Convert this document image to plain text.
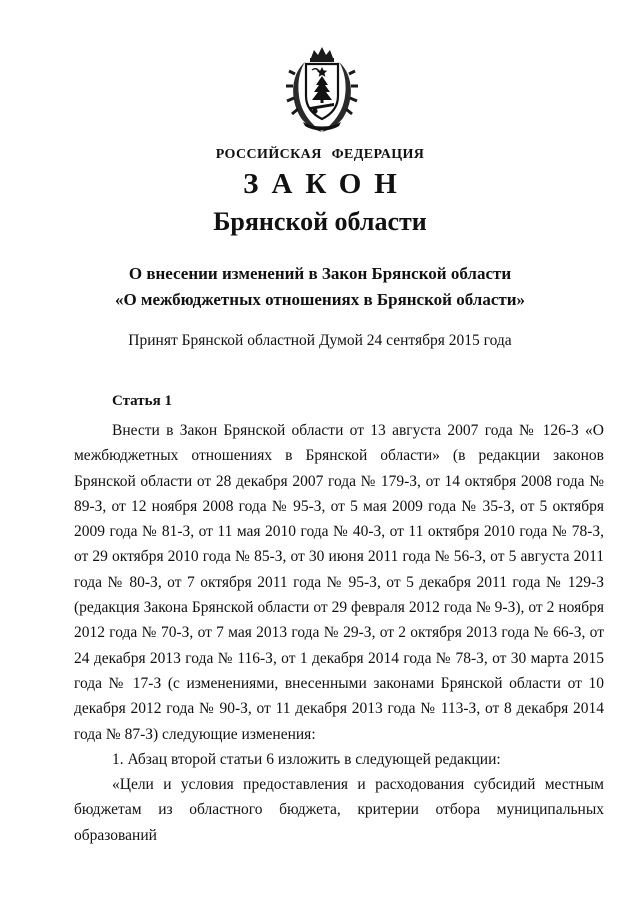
РОССИЙСКАЯ ФЕДЕРАЦИЯ
ЗАКОН
Брянской области
О внесении изменений в Закон Брянской области
«О межбюджетных отношениях в Брянской области»
Принят Брянской областной Думой 24 сентября 2015 года
Статья 1

Внести в Закон Брянской области от 13 августа 2007 года № 126-З «О межбюджетных отношениях в Брянской области» (в редакции законов Брянской области от 28 декабря 2007 года № 179-З, от 14 октября 2008 года № 89-З, от 12 ноября 2008 года № 95-З, от 5 мая 2009 года № 35-З, от 5 октября 2009 года № 81-З, от 11 мая 2010 года № 40-З, от 11 октября 2010 года № 78-З, от 29 октября 2010 года № 85-З, от 30 июня 2011 года № 56-З, от 5 августа 2011 года № 80-З, от 7 октября 2011 года № 95-З, от 5 декабря 2011 года № 129-З (редакция Закона Брянской области от 29 февраля 2012 года № 9-З), от 2 ноября 2012 года № 70-З, от 7 мая 2013 года № 29-З, от 2 октября 2013 года № 66-З, от 24 декабря 2013 года № 116-З, от 1 декабря 2014 года № 78-З, от 30 марта 2015 года № 17-З (с изменениями, внесенными законами Брянской области от 10 декабря 2012 года № 90-З, от 11 декабря 2013 года № 113-З, от 8 декабря 2014 года № 87-З) следующие изменения:

1. Абзац второй статьи 6 изложить в следующей редакции:

«Цели и условия предоставления и расходования субсидий местным бюджетам из областного бюджета, критерии отбора муниципальных образований
